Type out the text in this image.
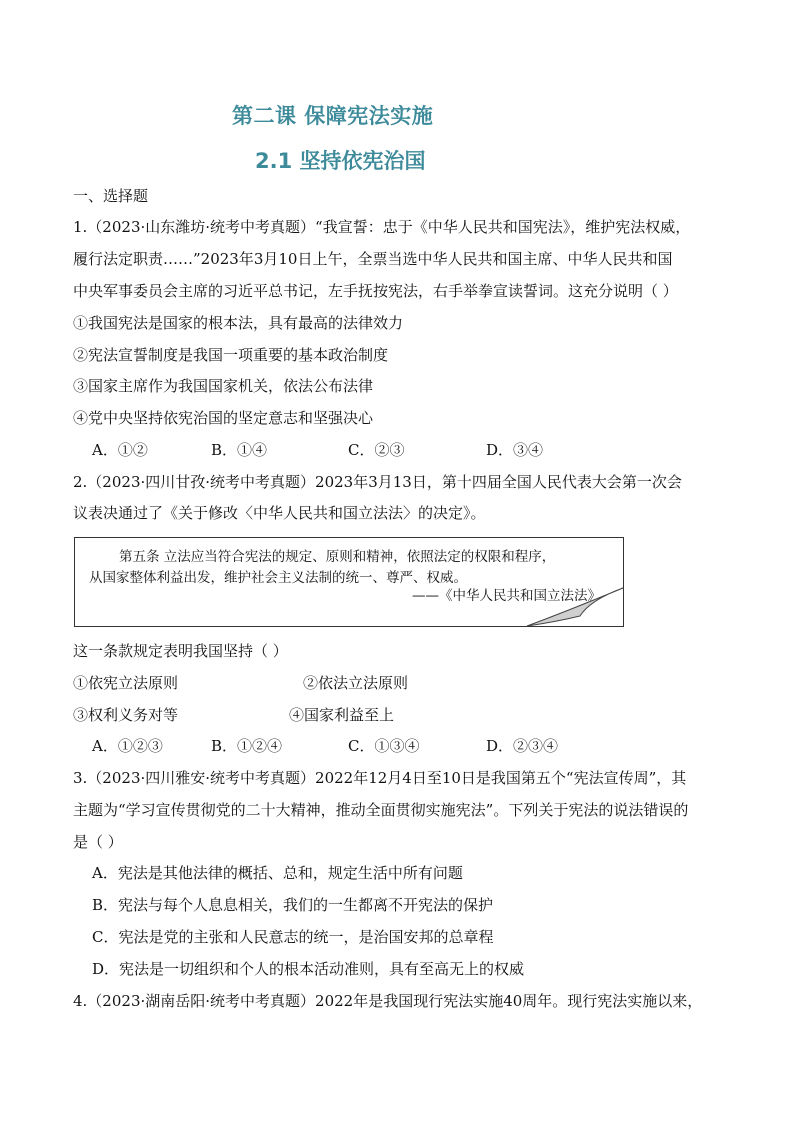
第二课 保障宪法实施
2.1 坚持依宪治国
一、选择题
1.（2023·山东潍坊·统考中考真题）“我宣誓：忠于《中华人民共和国宪法》，维护宪法权威，
履行法定职责……”2023年3月10日上午，全票当选中华人民共和国主席、中华人民共和国
中央军事委员会主席的习近平总书记，左手抚按宪法，右手举拳宣读誓词。这充分说明（ ）
①我国宪法是国家的根本法，具有最高的法律效力
②宪法宣誓制度是我国一项重要的基本政治制度
③国家主席作为我国国家机关，依法公布法律
④党中央坚持依宪治国的坚定意志和坚强决心
A．①②	B．①④	C．②③	D．③④
2.（2023·四川甘孜·统考中考真题）2023年3月13日，第十四届全国人民代表大会第一次会
议表决通过了《关于修改〈中华人民共和国立法法〉的决定》。
第五条 立法应当符合宪法的规定、原则和精神，依照法定的权限和程序，
从国家整体利益出发，维护社会主义法制的统一、尊严、权威。
——《中华人民共和国立法法》
这一条款规定表明我国坚持（ ）
①依宪立法原则	②依法立法原则
③权利义务对等	④国家利益至上
A．①②③	B．①②④	C．①③④	D．②③④
3.（2023·四川雅安·统考中考真题）2022年12月4日至10日是我国第五个“宪法宣传周”，其
主题为“学习宣传贯彻党的二十大精神，推动全面贯彻实施宪法”。下列关于宪法的说法错误的
是（ ）
A．宪法是其他法律的概括、总和，规定生活中所有问题
B．宪法与每个人息息相关，我们的一生都离不开宪法的保护
C．宪法是党的主张和人民意志的统一，是治国安邦的总章程
D．宪法是一切组织和个人的根本活动准则，具有至高无上的权威
4.（2023·湖南岳阳·统考中考真题）2022年是我国现行宪法实施40周年。现行宪法实施以来，
